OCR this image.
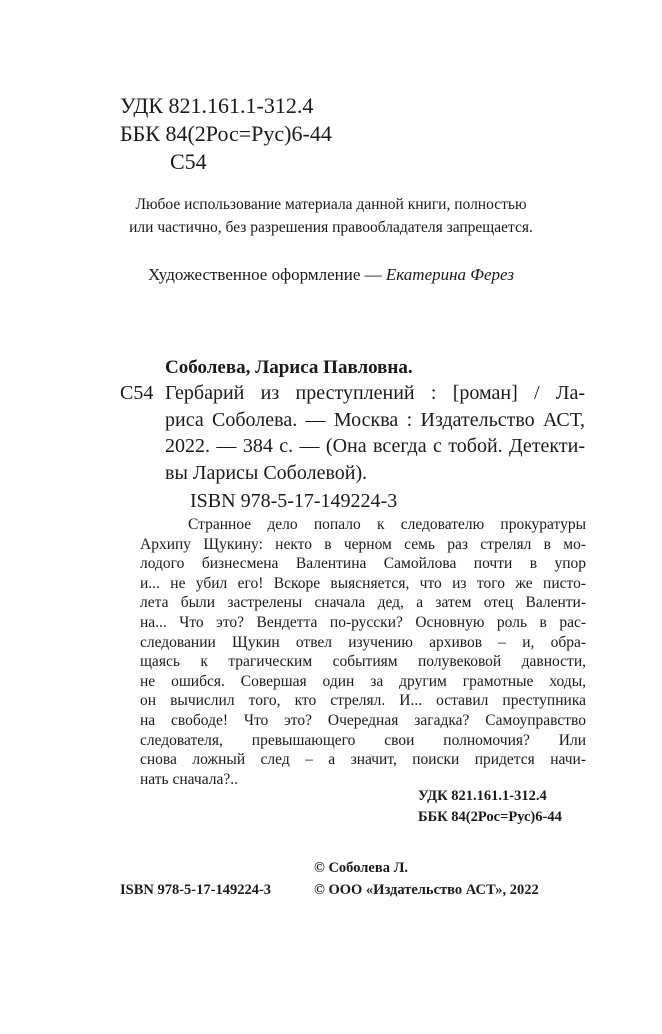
УДК 821.161.1-312.4
ББК 84(2Рос=Рус)6-44
С54
Любое использование материала данной книги, полностью
или частично, без разрешения правообладателя запрещается.
Художественное оформление — Екатерина Ферез
Соболева, Лариса Павловна.
С54 Гербарий из преступлений : [роман] / Ла-
риса Соболева. — Москва : Издательство АСТ,
2022. — 384 с. — (Она всегда с тобой. Детекти-
вы Ларисы Соболевой).
ISBN 978-5-17-149224-3
Странное дело попало к следователю прокуратуры
Архипу Щукину: некто в черном семь раз стрелял в мо-
лодого бизнесмена Валентина Самойлова почти в упор
и... не убил его! Вскоре выясняется, что из того же писто-
лета были застрелены сначала дед, а затем отец Валенти-
на... Что это? Вендетта по-русски? Основную роль в рас-
следовании Щукин отвел изучению архивов – и, обра-
щаясь к трагическим событиям полувековой давности,
не ошибся. Совершая один за другим грамотные ходы,
он вычислил того, кто стрелял. И... оставил преступника
на свободе! Что это? Очередная загадка? Самоуправство
следователя, превышающего свои полномочия? Или
снова ложный след – а значит, поиски придется начи-
нать сначала?..
УДК 821.161.1-312.4
ББК 84(2Рос=Рус)6-44
© Соболева Л.
© ООО «Издательство АСТ», 2022
ISBN 978-5-17-149224-3
